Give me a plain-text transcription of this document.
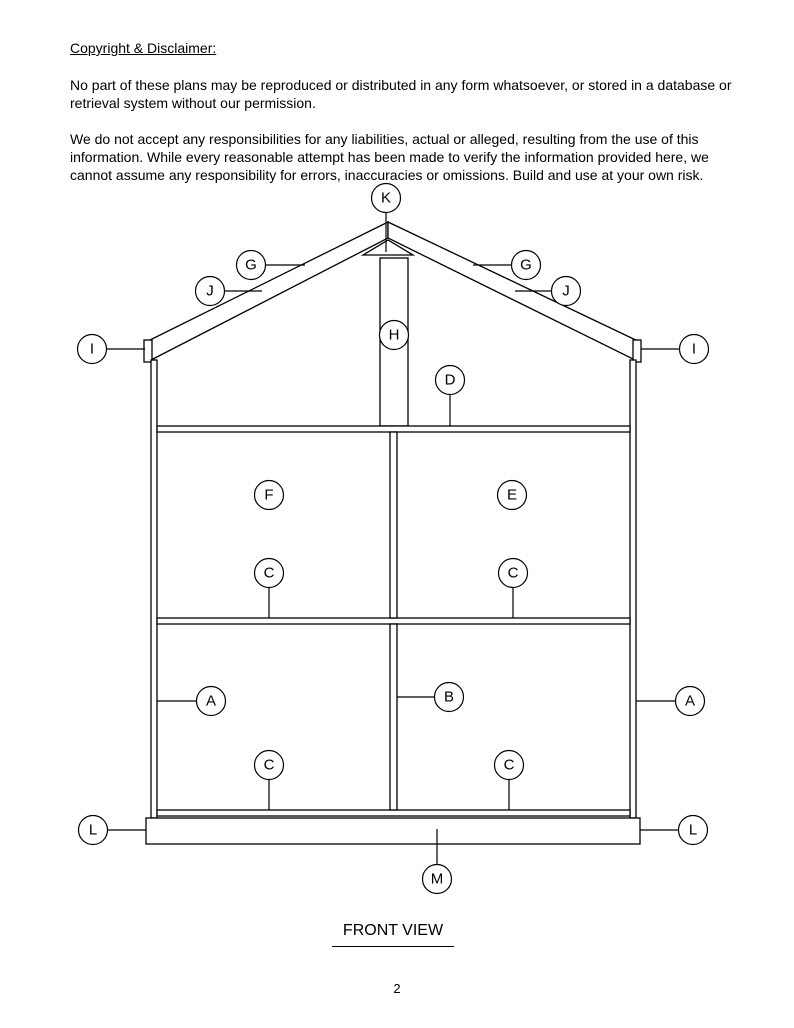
Copyright & Disclaimer:

No part of these plans may be reproduced or distributed in any form whatsoever, or stored in a database or retrieval system without our permission.

We do not accept any responsibilities for any liabilities, actual or alleged, resulting from the use of this information. While every reasonable attempt has been made to verify the information provided here, we cannot assume any responsibility for errors, inaccuracies or omissions. Build and use at your own risk.

K
G	G
J	J
I	I
H
D
F	E
C	C
A	B	A
C	C
L	L
M
FRONT VIEW
2
